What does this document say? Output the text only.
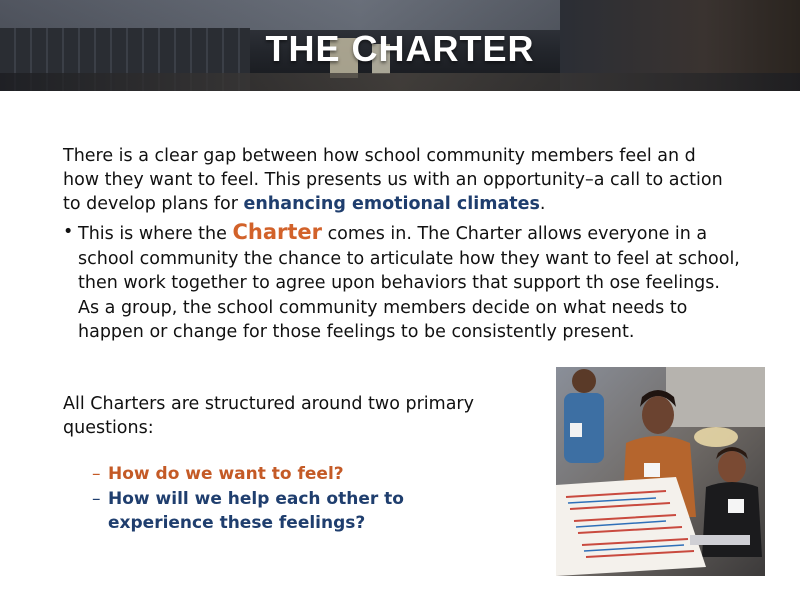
THE CHARTER

There is a clear gap between how school community members feel an d how they want to feel. This presents us with an opportunity–a call to action to develop plans for enhancing emotional climates.

• This is where the Charter comes in. The Charter allows everyone in a school community the chance to articulate how they want to feel at school, then work together to agree upon behaviors that support th ose feelings. As a group, the school community members decide on what needs to happen or change for those feelings to be consistently present.

All Charters are structured around two primary questions:

– How do we want to feel?
– How will we help each other to experience these feelings?
